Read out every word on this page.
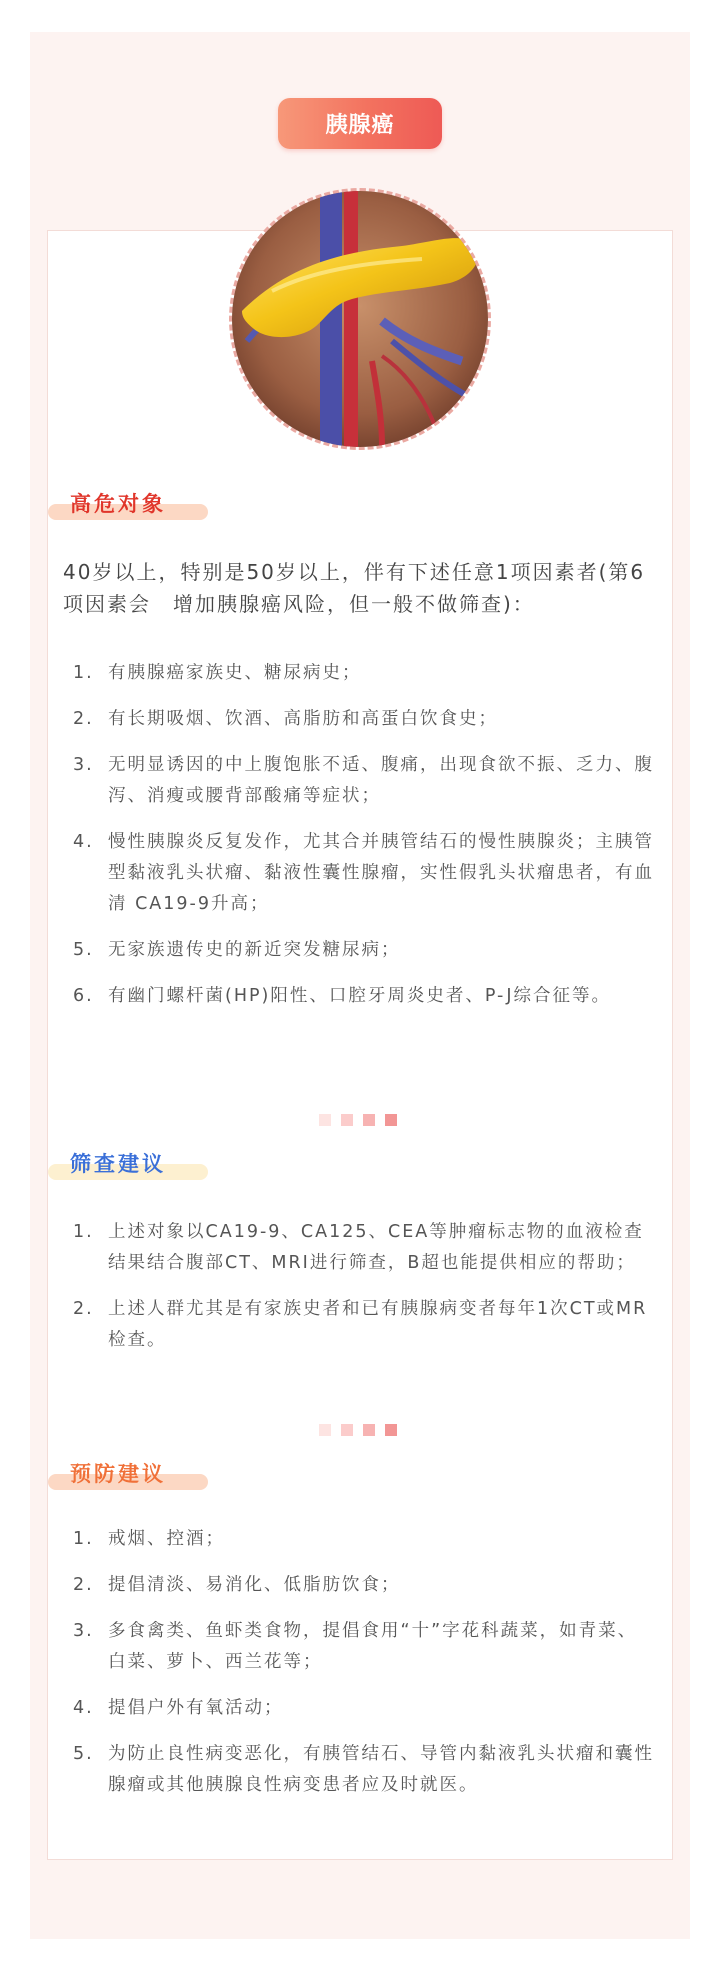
胰腺癌
高危对象

40岁以上，特别是50岁以上，伴有下述任意1项因素者(第6项因素会　增加胰腺癌风险，但一般不做筛查)：

1. 有胰腺癌家族史、糖尿病史；
2. 有长期吸烟、饮酒、高脂肪和高蛋白饮食史；
3. 无明显诱因的中上腹饱胀不适、腹痛，出现食欲不振、乏力、腹泻、消瘦或腰背部酸痛等症状；
4. 慢性胰腺炎反复发作，尤其合并胰管结石的慢性胰腺炎；主胰管型黏液乳头状瘤、黏液性囊性腺瘤，实性假乳头状瘤患者，有血清 CA19-9升高；
5. 无家族遗传史的新近突发糖尿病；
6. 有幽门螺杆菌(HP)阳性、口腔牙周炎史者、P-J综合征等。
筛查建议
1. 上述对象以CA19-9、CA125、CEA等肿瘤标志物的血液检查结果结合腹部CT、MRI进行筛查，B超也能提供相应的帮助；
2. 上述人群尤其是有家族史者和已有胰腺病变者每年1次CT或MR检查。
预防建议
1. 戒烟、控酒；
2. 提倡清淡、易消化、低脂肪饮食；
3. 多食禽类、鱼虾类食物，提倡食用“十”字花科蔬菜，如青菜、白菜、萝卜、西兰花等；
4. 提倡户外有氧活动；
5. 为防止良性病变恶化，有胰管结石、导管内黏液乳头状瘤和囊性腺瘤或其他胰腺良性病变患者应及时就医。
